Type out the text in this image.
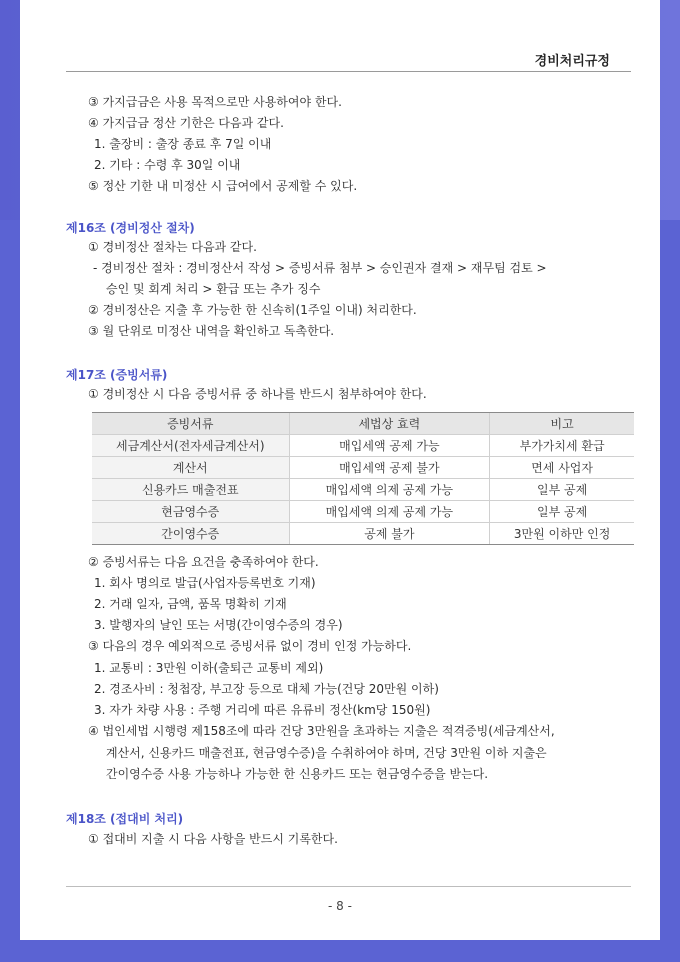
경비처리규정
③ 가지급금은 사용 목적으로만 사용하여야 한다.
④ 가지급금 정산 기한은 다음과 같다.
1. 출장비 : 출장 종료 후 7일 이내
2. 기타 : 수령 후 30일 이내
⑤ 정산 기한 내 미정산 시 급여에서 공제할 수 있다.
제16조 (경비정산 절차)
① 경비정산 절차는 다음과 같다.
- 경비정산 절차 : 경비정산서 작성 > 증빙서류 첨부 > 승인권자 결재 > 재무팀 검토 >
승인 및 회계 처리 > 환급 또는 추가 징수
② 경비정산은 지출 후 가능한 한 신속히(1주일 이내) 처리한다.
③ 월 단위로 미정산 내역을 확인하고 독촉한다.
제17조 (증빙서류)
① 경비정산 시 다음 증빙서류 중 하나를 반드시 첨부하여야 한다.
증빙서류	세법상 효력	비고
세금계산서(전자세금계산서)	매입세액 공제 가능	부가가치세 환급
계산서	매입세액 공제 불가	면세 사업자
신용카드 매출전표	매입세액 의제 공제 가능	일부 공제
현금영수증	매입세액 의제 공제 가능	일부 공제
간이영수증	공제 불가	3만원 이하만 인정
② 증빙서류는 다음 요건을 충족하여야 한다.
1. 회사 명의로 발급(사업자등록번호 기재)
2. 거래 일자, 금액, 품목 명확히 기재
3. 발행자의 날인 또는 서명(간이영수증의 경우)
③ 다음의 경우 예외적으로 증빙서류 없이 경비 인정 가능하다.
1. 교통비 : 3만원 이하(출퇴근 교통비 제외)
2. 경조사비 : 청첩장, 부고장 등으로 대체 가능(건당 20만원 이하)
3. 자가 차량 사용 : 주행 거리에 따른 유류비 정산(km당 150원)
④ 법인세법 시행령 제158조에 따라 건당 3만원을 초과하는 지출은 적격증빙(세금계산서,
계산서, 신용카드 매출전표, 현금영수증)을 수취하여야 하며, 건당 3만원 이하 지출은
간이영수증 사용 가능하나 가능한 한 신용카드 또는 현금영수증을 받는다.
제18조 (접대비 처리)
① 접대비 지출 시 다음 사항을 반드시 기록한다.
- 8 -
